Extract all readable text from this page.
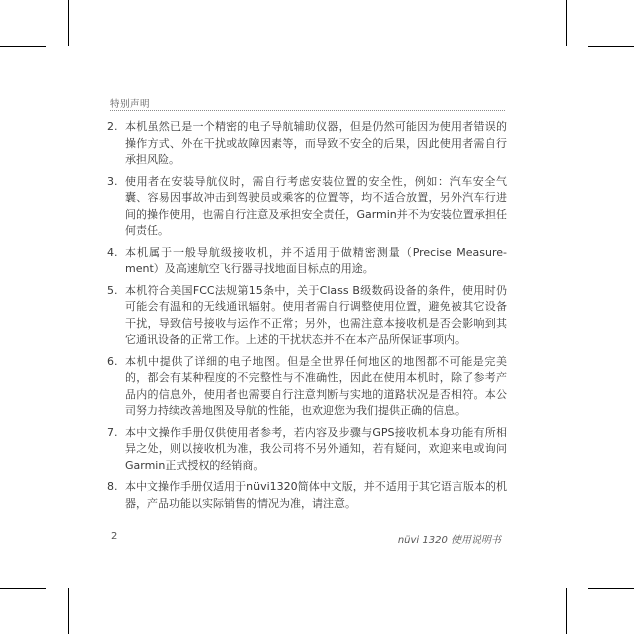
特别声明
2. 本机虽然已是一个精密的电子导航辅助仪器，但是仍然可能因为使用者错误的操作方式、外在干扰或故障因素等，而导致不安全的后果，因此使用者需自行承担风险。
3. 使用者在安装导航仪时，需自行考虑安装位置的安全性，例如：汽车安全气囊、容易因事故冲击到驾驶员或乘客的位置等，均不适合放置，另外汽车行进间的操作使用，也需自行注意及承担安全责任，Garmin并不为安装位置承担任何责任。
4. 本机属于一般导航级接收机，并不适用于做精密测量（Precise Measure-ment）及高速航空飞行器寻找地面目标点的用途。
5. 本机符合美国FCC法规第15条中，关于Class B级数码设备的条件，使用时仍可能会有温和的无线通讯辐射。使用者需自行调整使用位置，避免被其它设备干扰，导致信号接收与运作不正常；另外，也需注意本接收机是否会影响到其它通讯设备的正常工作。上述的干扰状态并不在本产品所保证事项内。
6. 本机中提供了详细的电子地图。但是全世界任何地区的地图都不可能是完美的，都会有某种程度的不完整性与不准确性，因此在使用本机时，除了参考产品内的信息外，使用者也需要自行注意判断与实地的道路状况是否相符。本公司努力持续改善地图及导航的性能，也欢迎您为我们提供正确的信息。
7. 本中文操作手册仅供使用者参考，若内容及步骤与GPS接收机本身功能有所相异之处，则以接收机为准，我公司将不另外通知，若有疑问，欢迎来电或询问Garmin正式授权的经销商。
8. 本中文操作手册仅适用于nüvi1320简体中文版，并不适用于其它语言版本的机器，产品功能以实际销售的情况为准，请注意。
2	nüvi 1320 使用说明书
